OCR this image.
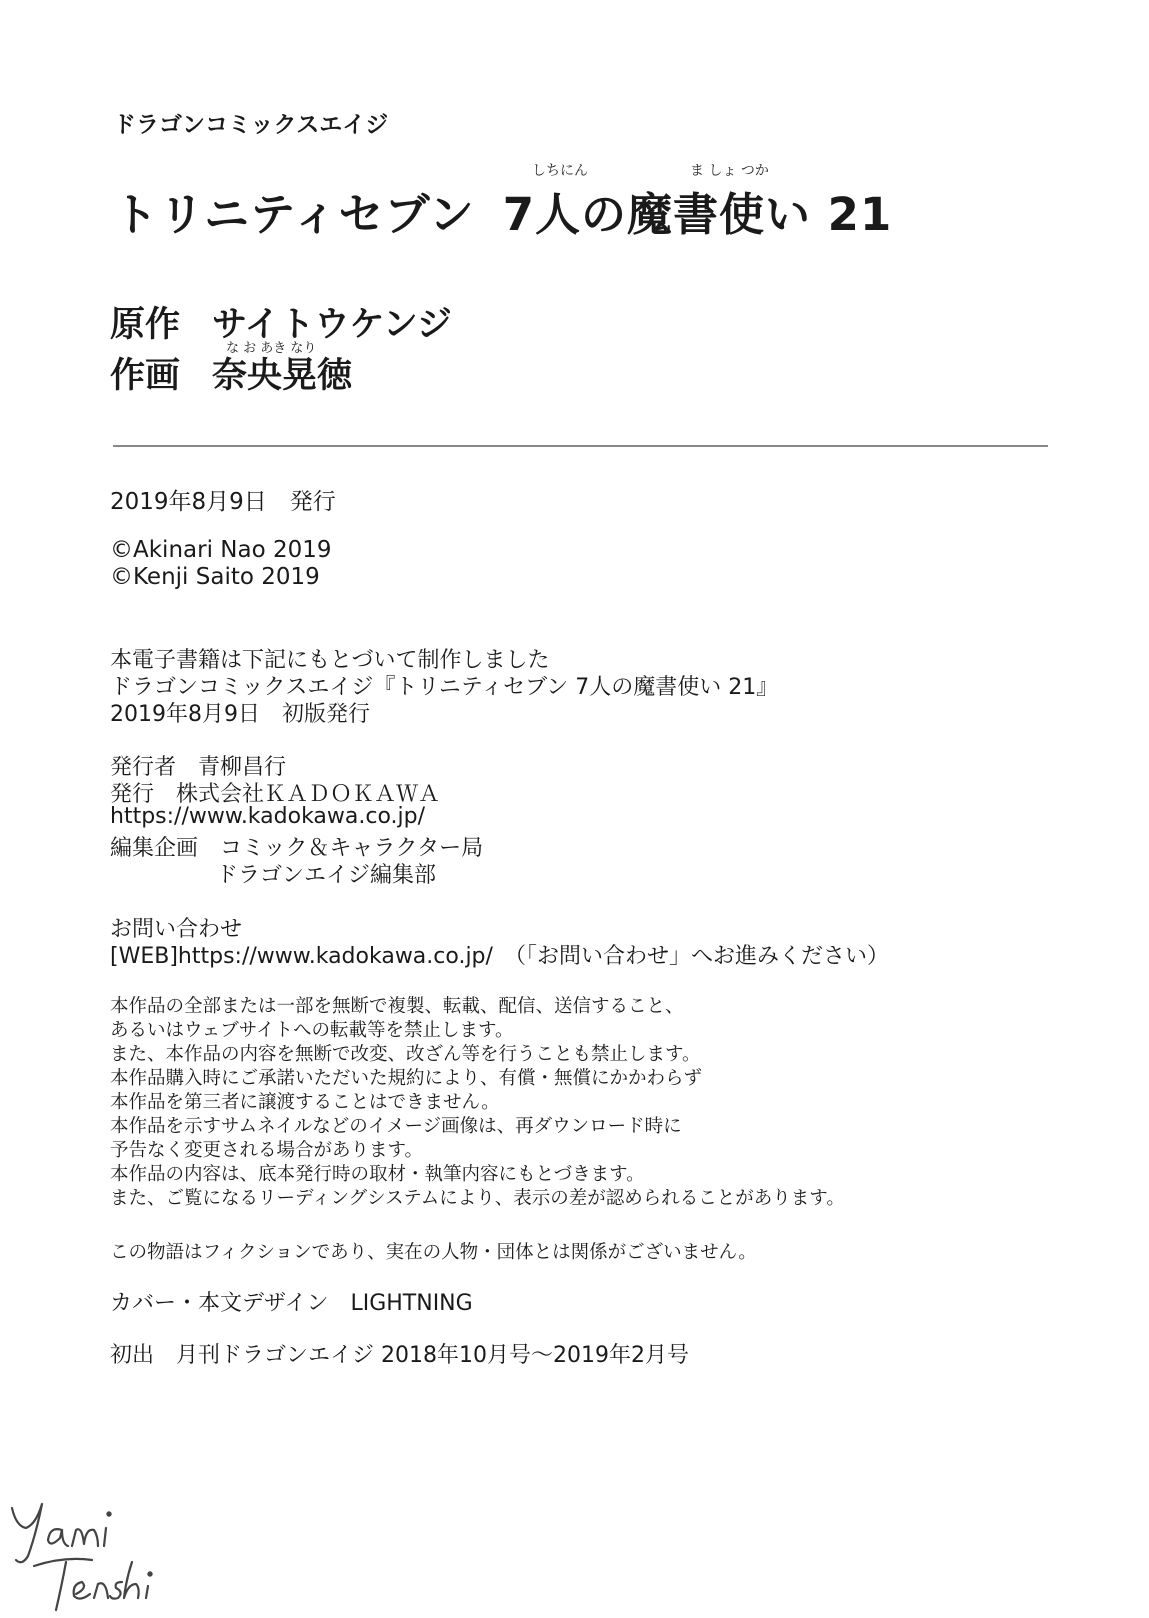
ドラゴンコミックスエイジ
しちにん	ま しょ つか
トリニティセブン 7人の魔書使い 21
原作 サイトウケンジ
な お あき なり
作画 奈央晃徳
2019年8月9日　発行
©Akinari Nao 2019
©Kenji Saito 2019
本電子書籍は下記にもとづいて制作しました
ドラゴンコミックスエイジ『トリニティセブン 7人の魔書使い 21』
2019年8月9日　初版発行
発行者　青柳昌行
発行　株式会社ＫＡＤＯＫＡＷＡ
https://www.kadokawa.co.jp/
編集企画　コミック＆キャラクター局
ドラゴンエイジ編集部
お問い合わせ
[WEB]https://www.kadokawa.co.jp/　（「お問い合わせ」へお進みください）
本作品の全部または一部を無断で複製、転載、配信、送信すること、
あるいはウェブサイトへの転載等を禁止します。
また、本作品の内容を無断で改変、改ざん等を行うことも禁止します。
本作品購入時にご承諾いただいた規約により、有償・無償にかかわらず
本作品を第三者に譲渡することはできません。
本作品を示すサムネイルなどのイメージ画像は、再ダウンロード時に
予告なく変更される場合があります。
本作品の内容は、底本発行時の取材・執筆内容にもとづきます。
また、ご覧になるリーディングシステムにより、表示の差が認められることがあります。
この物語はフィクションであり、実在の人物・団体とは関係がございません。
カバー・本文デザイン　LIGHTNING
初出　月刊ドラゴンエイジ 2018年10月号～2019年2月号
